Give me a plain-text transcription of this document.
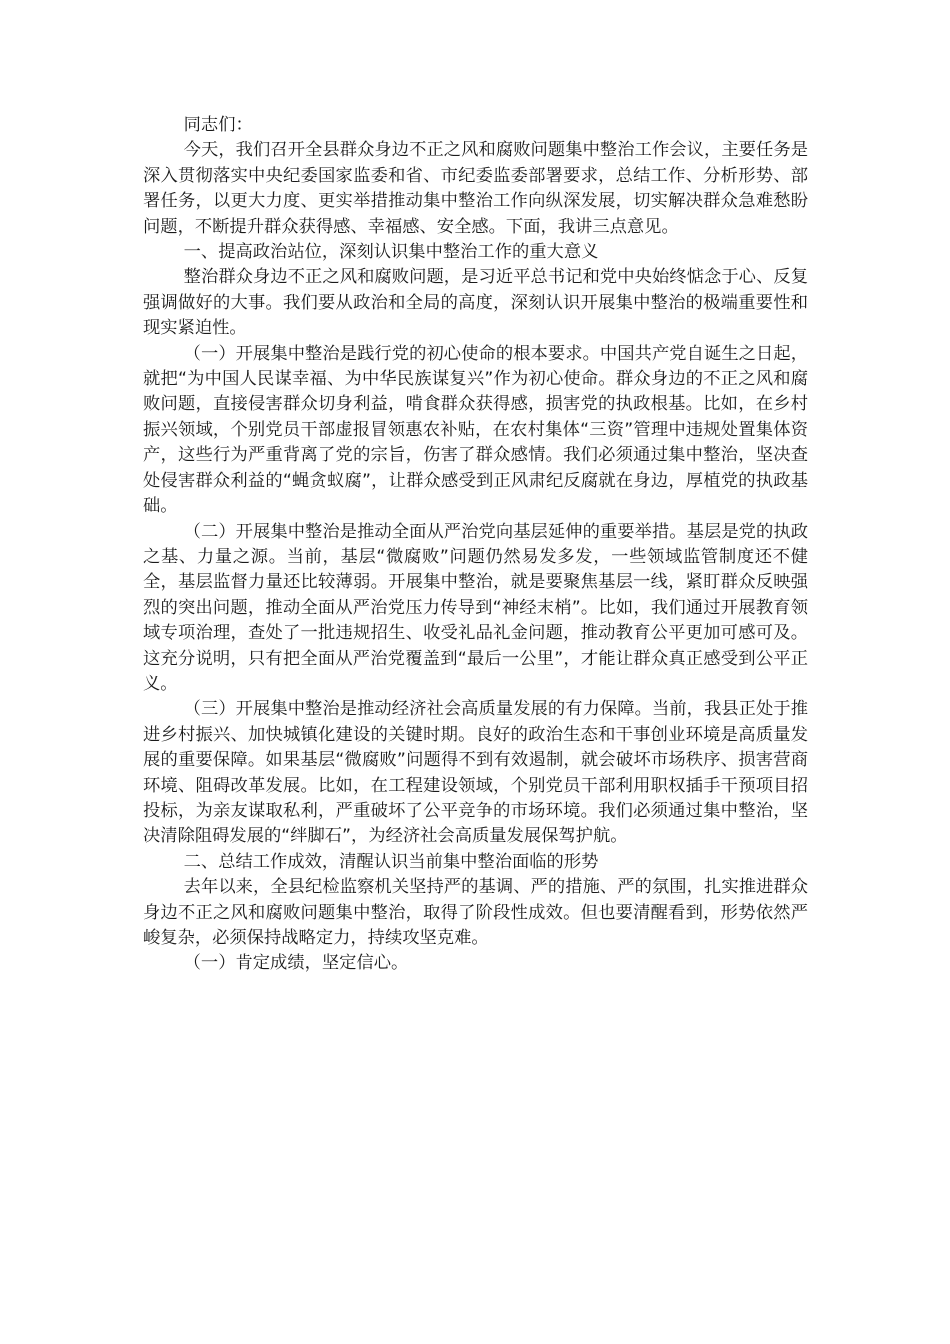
同志们：

今天，我们召开全县群众身边不正之风和腐败问题集中整治工作会议，主要任务是深入贯彻落实中央纪委国家监委和省、市纪委监委部署要求，总结工作、分析形势、部署任务，以更大力度、更实举措推动集中整治工作向纵深发展，切实解决群众急难愁盼问题，不断提升群众获得感、幸福感、安全感。下面，我讲三点意见。

一、提高政治站位，深刻认识集中整治工作的重大意义

整治群众身边不正之风和腐败问题，是习近平总书记和党中央始终惦念于心、反复强调做好的大事。我们要从政治和全局的高度，深刻认识开展集中整治的极端重要性和现实紧迫性。

（一）开展集中整治是践行党的初心使命的根本要求。中国共产党自诞生之日起，就把“为中国人民谋幸福、为中华民族谋复兴”作为初心使命。群众身边的不正之风和腐败问题，直接侵害群众切身利益，啃食群众获得感，损害党的执政根基。比如，在乡村振兴领域，个别党员干部虚报冒领惠农补贴，在农村集体“三资”管理中违规处置集体资产，这些行为严重背离了党的宗旨，伤害了群众感情。我们必须通过集中整治，坚决查处侵害群众利益的“蝇贪蚁腐”，让群众感受到正风肃纪反腐就在身边，厚植党的执政基础。

（二）开展集中整治是推动全面从严治党向基层延伸的重要举措。基层是党的执政之基、力量之源。当前，基层“微腐败”问题仍然易发多发，一些领域监管制度还不健全，基层监督力量还比较薄弱。开展集中整治，就是要聚焦基层一线，紧盯群众反映强烈的突出问题，推动全面从严治党压力传导到“神经末梢”。比如，我们通过开展教育领域专项治理，查处了一批违规招生、收受礼品礼金问题，推动教育公平更加可感可及。这充分说明，只有把全面从严治党覆盖到“最后一公里”，才能让群众真正感受到公平正义。

（三）开展集中整治是推动经济社会高质量发展的有力保障。当前，我县正处于推进乡村振兴、加快城镇化建设的关键时期。良好的政治生态和干事创业环境是高质量发展的重要保障。如果基层“微腐败”问题得不到有效遏制，就会破坏市场秩序、损害营商环境、阻碍改革发展。比如，在工程建设领域，个别党员干部利用职权插手干预项目招投标，为亲友谋取私利，严重破坏了公平竞争的市场环境。我们必须通过集中整治，坚决清除阻碍发展的“绊脚石”，为经济社会高质量发展保驾护航。

二、总结工作成效，清醒认识当前集中整治面临的形势

去年以来，全县纪检监察机关坚持严的基调、严的措施、严的氛围，扎实推进群众身边不正之风和腐败问题集中整治，取得了阶段性成效。但也要清醒看到，形势依然严峻复杂，必须保持战略定力，持续攻坚克难。

（一）肯定成绩，坚定信心。
